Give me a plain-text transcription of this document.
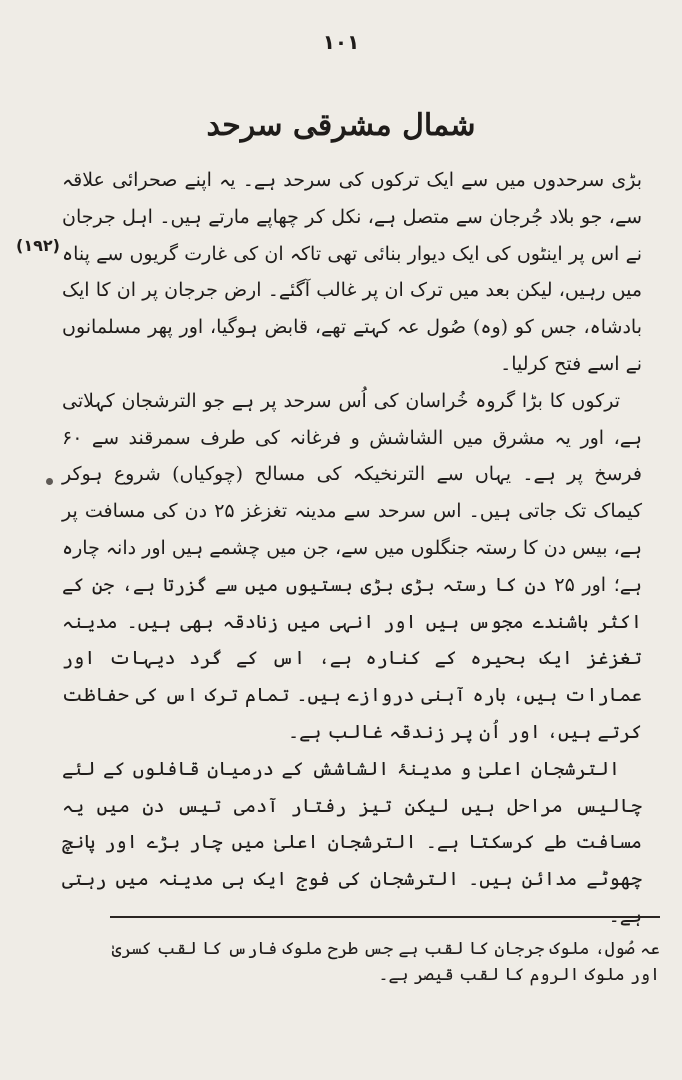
۱۰۱
شمال مشرقی سرحد
(۱۹۲)

بڑی سرحدوں میں سے ایک ترکوں کی سرحد ہے۔ یہ اپنے صحرائی علاقہ سے، جو بلاد جُرجان سے متصل ہے، نکل کر چھاپے مارتے ہیں۔ اہل جرجان نے اس پر اینٹوں کی ایک دیوار بنائی تھی تاکہ ان کی غارت گریوں سے پناہ میں رہیں، لیکن بعد میں ترک ان پر غالب آگئے۔ ارض جرجان پر ان کا ایک بادشاہ، جس کو (وہ) صُول عہ کہتے تھے، قابض ہوگیا، اور پھر مسلمانوں نے اسے فتح کرلیا۔

ترکوں کا بڑا گروہ خُراسان کی اُس سرحد پر ہے جو الترشجان کہلاتی ہے، اور یہ مشرق میں الشاشش و فرغانہ کی طرف سمرقند سے ۶۰ فرسخ پر ہے۔ یہاں سے الترنخیکہ کی مسالح (چوکیاں) شروع ہوکر کیماک تک جاتی ہیں۔ اس سرحد سے مدینہ تغزغز ۲۵ دن کی مسافت پر ہے، بیس دن کا رستہ جنگلوں میں سے، جن میں چشمے ہیں اور دانہ چارہ ہے؛ اور ۲۵ دن کا رستہ بڑی بڑی بستیوں میں سے گزرتا ہے، جن کے اکثر باشندے مجوس ہیں اور انہی میں زنادقہ بھی ہیں۔ مدینہ تغزغز ایک بحیرہ کے کنارہ ہے، اس کے گرد دیہات اور عمارات ہیں، بارہ آہنی دروازے ہیں۔ تمام ترک اس کی حفاظت کرتے ہیں، اور اُن پر زندقہ غالب ہے۔

الترشجان اعلیٰ و مدینۂ الشاشش کے درمیان قافلوں کے لئے چالیس مراحل ہیں لیکن تیز رفتار آدمی تیس دن میں یہ مسافت طے کرسکتا ہے۔ الترشجان اعلیٰ میں چار بڑے اور پانچ چھوٹے مدائن ہیں۔ الترشجان کی فوج ایک ہی مدینہ میں رہتی ہے۔

عہ صُول، ملوک جرجان کا لقب ہے جس طرح ملوک فارس کا لقب کسریٰ اور ملوک الروم کا لقب قیصر ہے۔
